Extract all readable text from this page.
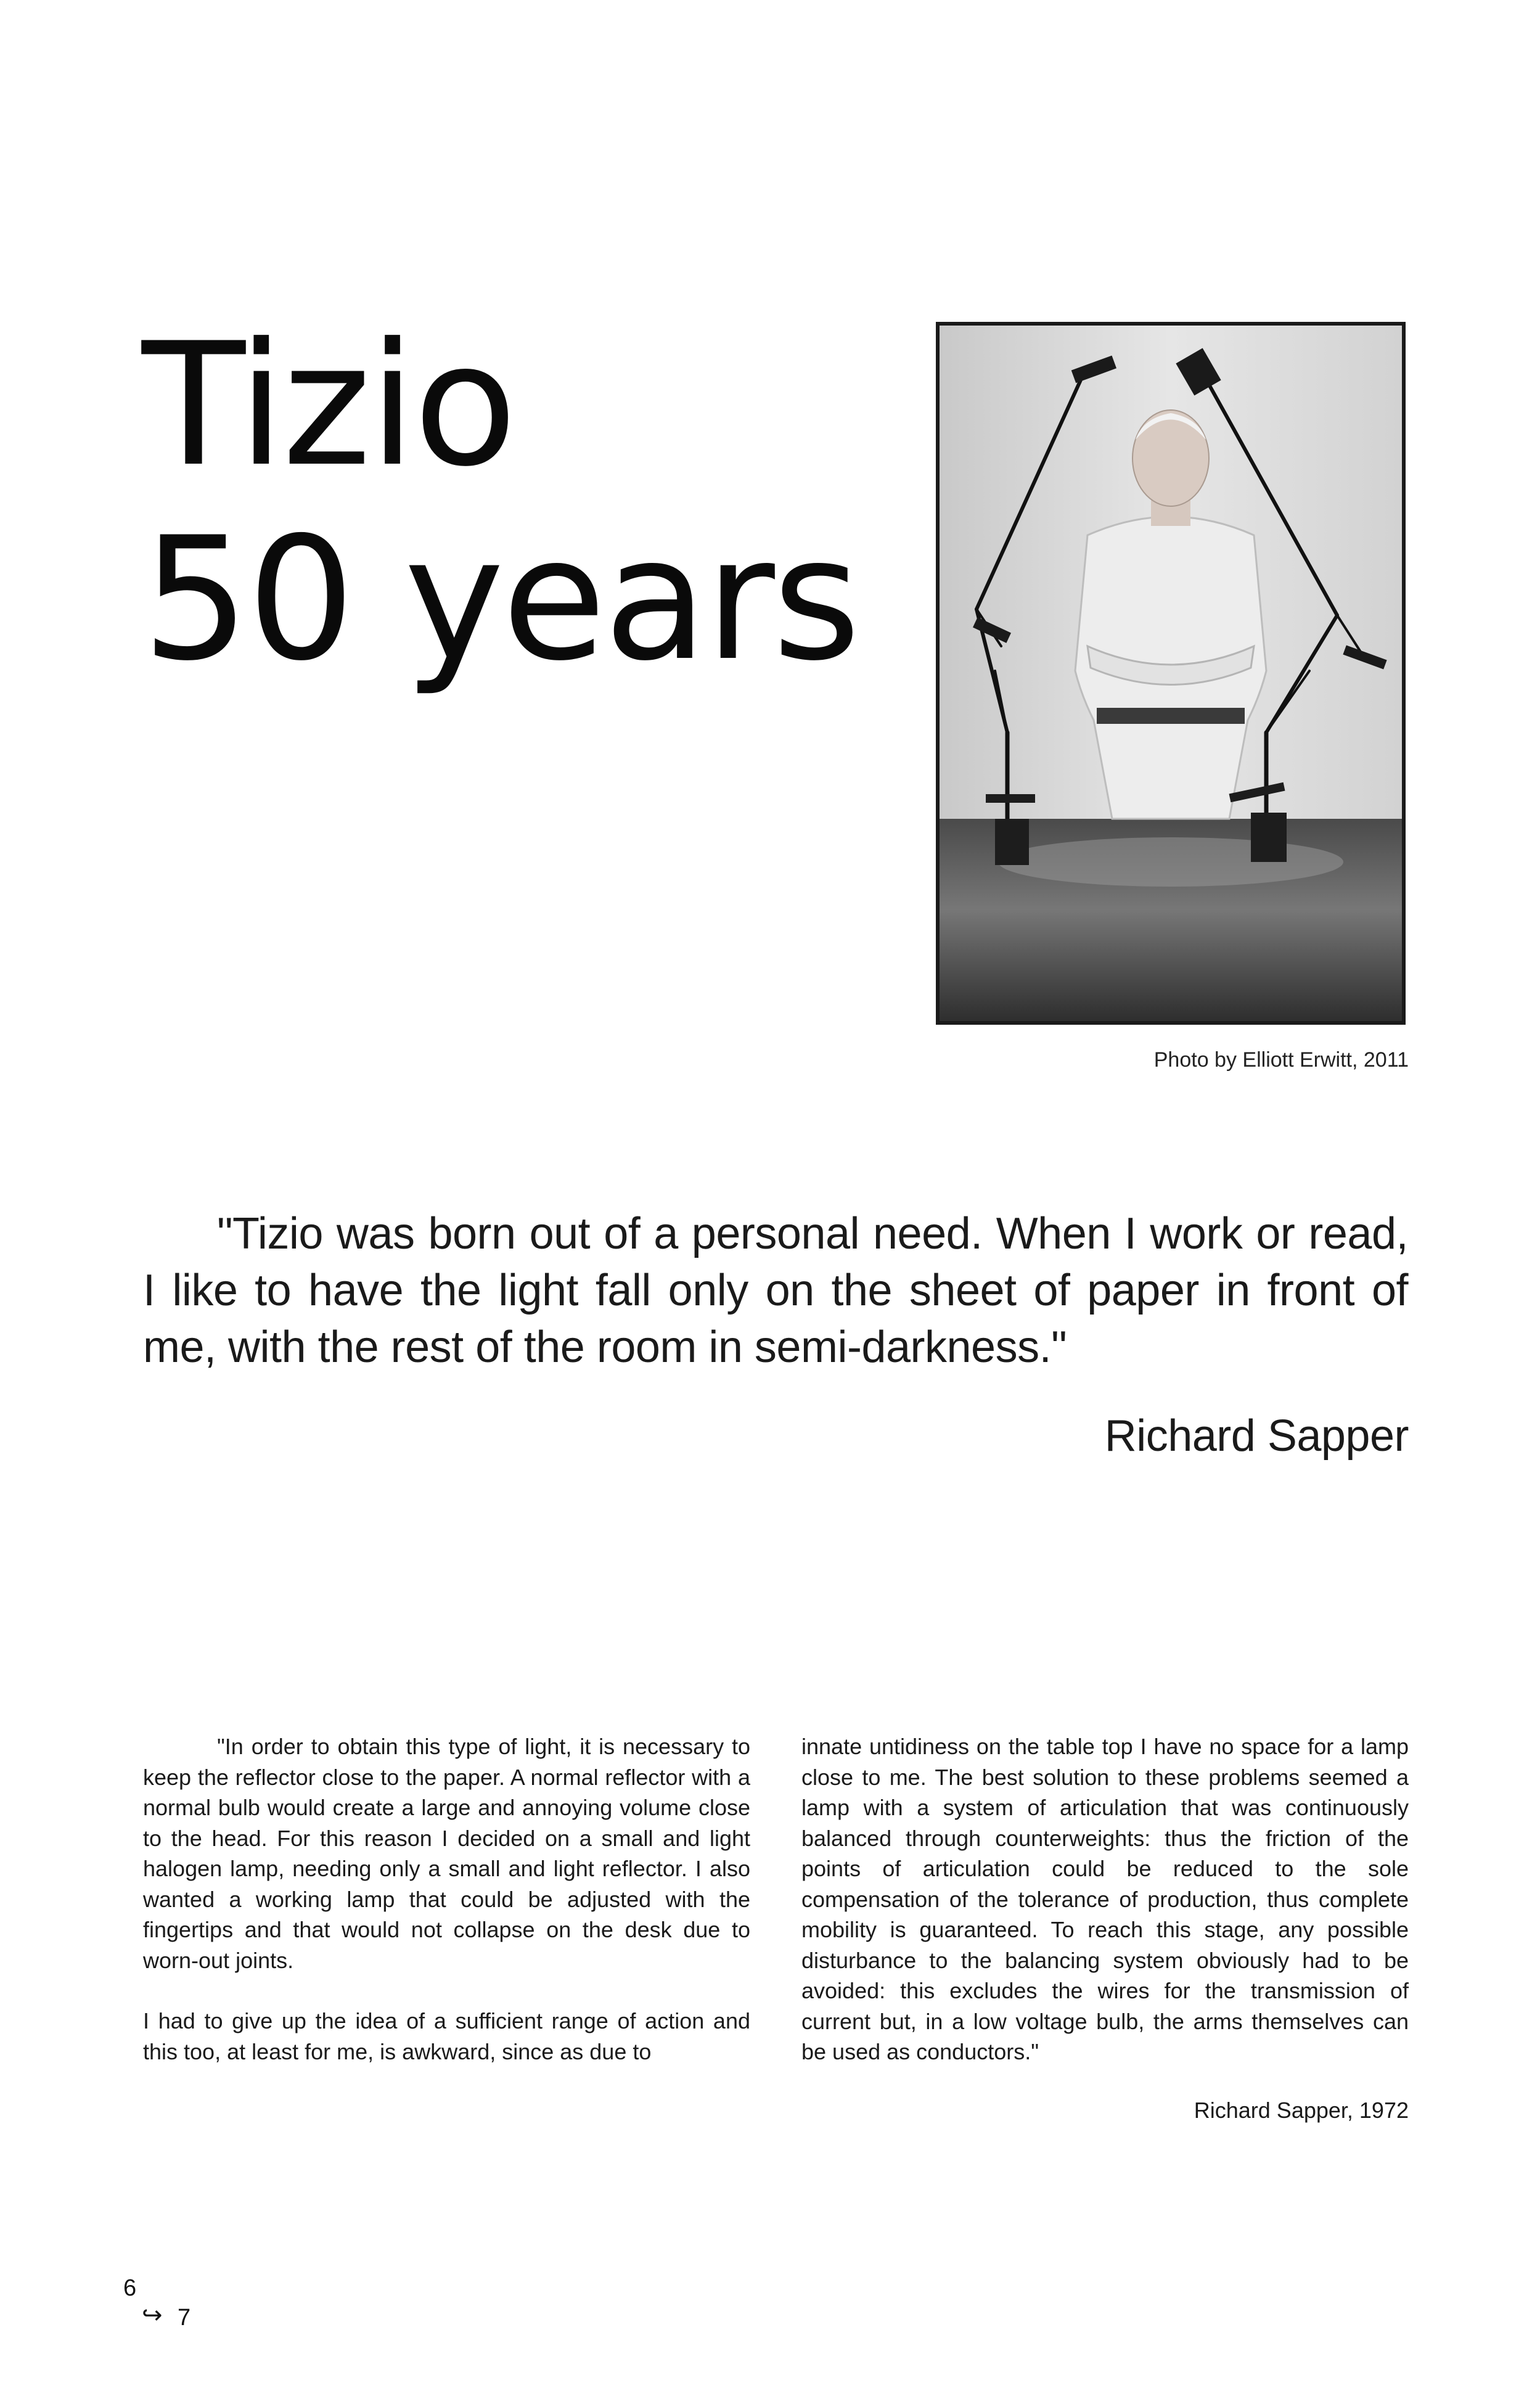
Tizio
50 years
Photo by Elliott Erwitt, 2011

"Tizio was born out of a personal need. When I work or read, I like to have the light fall only on the sheet of paper in front of me, with the rest of the room in semi-darkness."

Richard Sapper

"In order to obtain this type of light, it is necessary to keep the reflector close to the paper. A normal reflector with a normal bulb would create a large and annoying volume close to the head. For this reason I decided on a small and light halogen lamp, needing only a small and light reflector. I also wanted a working lamp that could be adjusted with the fingertips and that would not collapse on the desk due to worn-out joints.

I had to give up the idea of a sufficient range of action and this too, at least for me, is awkward, since as due to

innate untidiness on the table top I have no space for a lamp close to me. The best solution to these problems seemed a lamp with a system of articulation that was continuously balanced through counterweights: thus the friction of the points of articulation could be reduced to the sole compensation of the tolerance of production, thus complete mobility is guaranteed. To reach this stage, any possible disturbance to the balancing system obviously had to be avoided: this excludes the wires for the transmission of current but, in a low voltage bulb, the arms themselves can be used as conductors."

Richard Sapper, 1972
6
↪ 7
